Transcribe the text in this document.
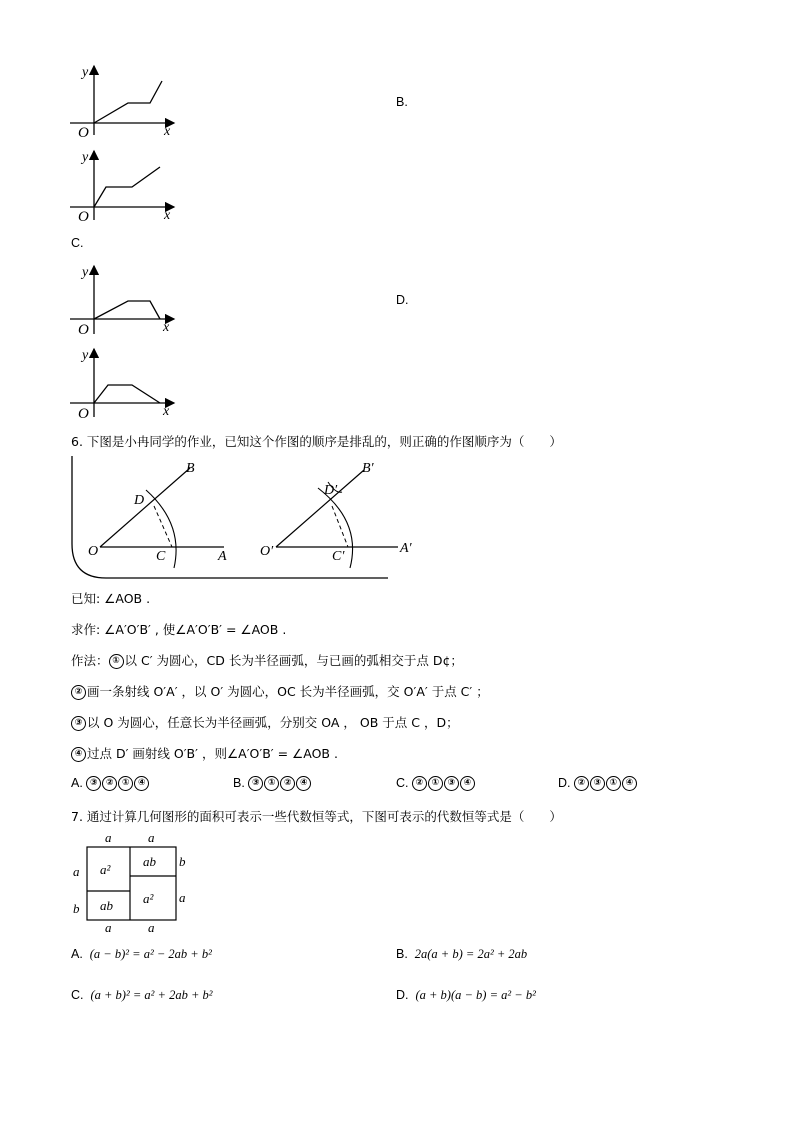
y
x
O
B.
y
x
O
C.
y
x
O
D.
y
x
O
6. 下图是小冉同学的作业，已知这个作图的顺序是排乱的，则正确的作图顺序为（　　）
B
D
O	C	A
B′
D′
O′	C′
A′
已知: ∠AOB .
求作: ∠A′O′B′ , 使∠A′O′B′ = ∠AOB .
作法： ① 以 C′ 为圆心，CD 长为半径画弧，与已画的弧相交于点 D¢；
② 画一条射线 O′A′ ，以 O′ 为圆心，OC 长为半径画弧，交 O′A′ 于点 C′ ；
③ 以 O 为圆心，任意长为半径画弧，分别交 OA ， OB 于点 C ，D；
④ 过点 D′ 画射线 O′B′ ，则∠A′O′B′ = ∠AOB .
A. ③ ② ① ④	B. ③ ① ② ④	C. ② ① ③ ④	D. ② ③ ① ④
7. 通过计算几何图形的面积可表示一些代数恒等式，下图可表示的代数恒等式是（　　）
a	a
a
b
b
a
a	a
a²
ab
ab
a²
A. (a − b)² = a² − 2ab + b²	B. 2a(a + b) = 2a² + 2ab
C. (a + b)² = a² + 2ab + b²	D. (a + b)(a − b) = a² − b²
